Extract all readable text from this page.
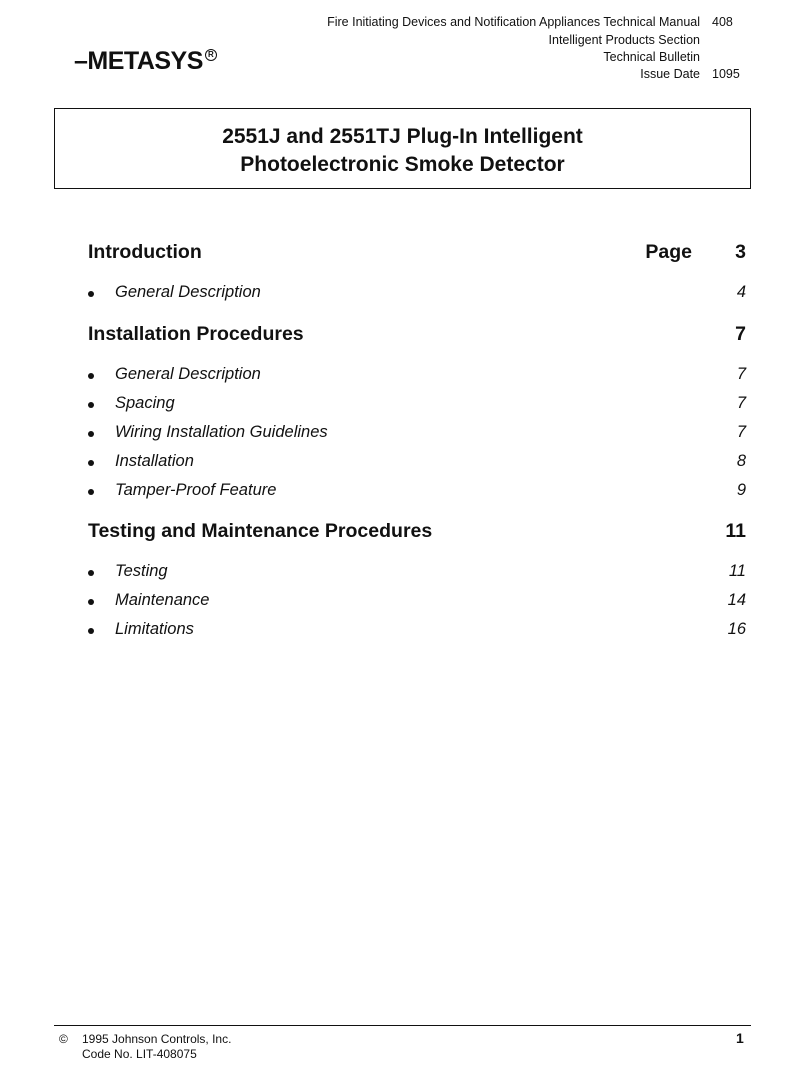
Fire Initiating Devices and Notification Appliances Technical Manual 408
Intelligent Products Section
Technical Bulletin
Issue Date 1095
–METASYS R
2551J and 2551TJ Plug-In Intelligent
Photoelectronic Smoke Detector
Introduction	Page 3
General Description	4
Installation Procedures	7
General Description	7
Spacing	7
Wiring Installation Guidelines	7
Installation	8
Tamper-Proof Feature	9
Testing and Maintenance Procedures	11
Testing	11
Maintenance	14
Limitations	16
© 1995 Johnson Controls, Inc.
Code No. LIT-408075
1
